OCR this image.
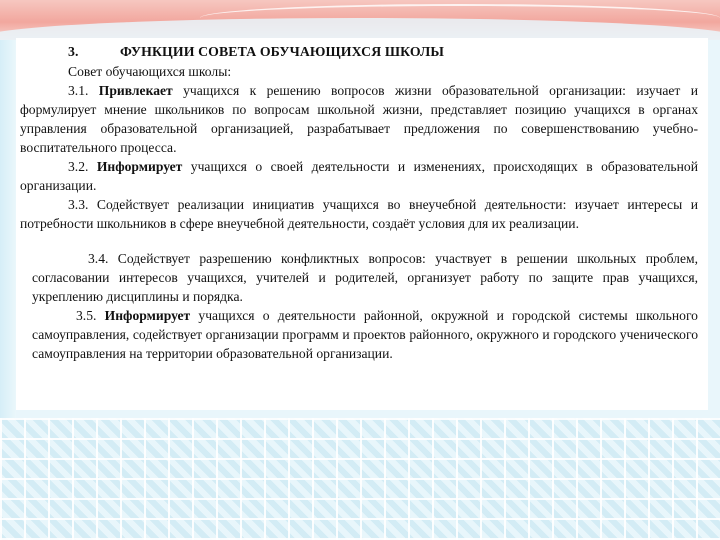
3.	ФУНКЦИИ СОВЕТА ОБУЧАЮЩИХСЯ ШКОЛЫ
Совет обучающихся школы:

3.1. Привлекает учащихся к решению вопросов жизни образовательной организации: изучает и формулирует мнение школьников по вопросам школьной жизни, представляет позицию учащихся в органах управления образовательной организацией, разрабатывает предложения по совершенствованию учебно-воспитательного процесса.

3.2. Информирует учащихся о своей деятельности и изменениях, происходящих в образовательной организации.

3.3. Содействует реализации инициатив учащихся во внеучебной деятельности: изучает интересы и потребности школьников в сфере внеучебной деятельности, создаёт условия для их реализации.

3.4. Содействует разрешению конфликтных вопросов: участвует в решении школьных проблем, согласовании интересов учащихся, учителей и родителей, организует работу по защите прав учащихся, укреплению дисциплины и порядка.

3.5. Информирует учащихся о деятельности районной, окружной и городской системы школьного самоуправления, содействует организации программ и проектов районного, окружного и городского ученического самоуправления на территории образовательной организации.
